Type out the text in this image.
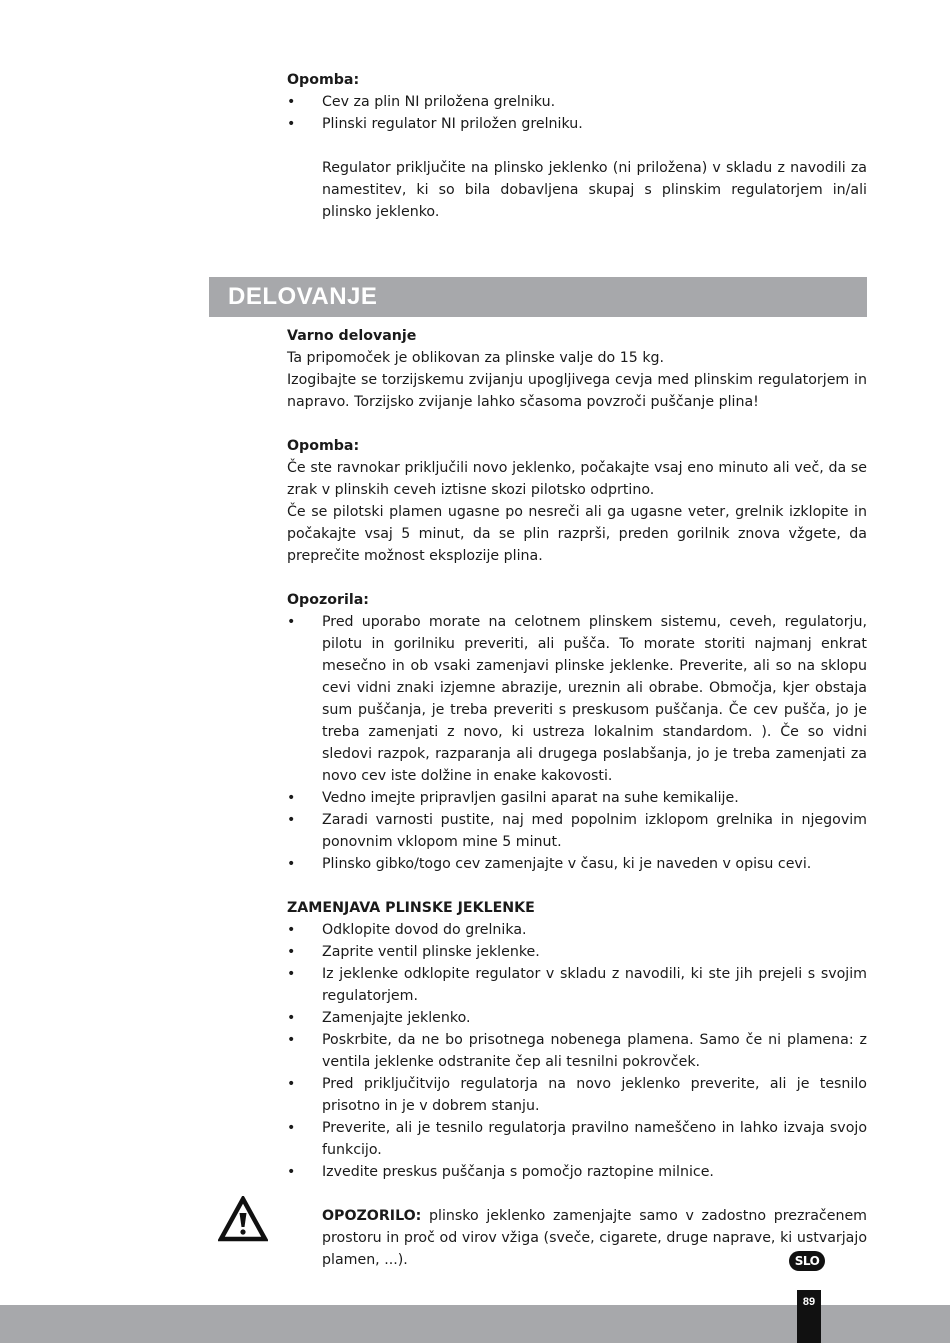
Opomba:
• Cev za plin NI priložena grelniku.
• Plinski regulator NI priložen grelniku.

Regulator priključite na plinsko jeklenko (ni priložena) v skladu z navodili za namestitev, ki so bila dobavljena skupaj s plinskim regulatorjem in/ali plinsko jeklenko.

DELOVANJE
Varno delovanje

Ta pripomoček je oblikovan za plinske valje do 15 kg.

Izogibajte se torzijskemu zvijanju upogljivega cevja med plinskim regulatorjem in napravo. Torzijsko zvijanje lahko sčasoma povzroči puščanje plina!

Opomba:

Če ste ravnokar priključili novo jeklenko, počakajte vsaj eno minuto ali več, da se zrak v plinskih ceveh iztisne skozi pilotsko odprtino.

Če se pilotski plamen ugasne po nesreči ali ga ugasne veter, grelnik izklopite in počakajte vsaj 5 minut, da se plin razprši, preden gorilnik znova vžgete, da preprečite možnost eksplozije plina.

Opozorila:
• Pred uporabo morate na celotnem plinskem sistemu, ceveh, regulatorju, pilotu in gorilniku preveriti, ali pušča. To morate storiti najmanj enkrat mesečno in ob vsaki zamenjavi plinske jeklenke. Preverite, ali so na sklopu cevi vidni znaki izjemne abrazije, ureznin ali obrabe. Območja, kjer obstaja sum puščanja, je treba preveriti s preskusom puščanja. Če cev pušča, jo je treba zamenjati z novo, ki ustreza lokalnim standardom. ). Če so vidni sledovi razpok, razparanja ali drugega poslabšanja, jo je treba zamenjati za novo cev iste dolžine in enake kakovosti.
• Vedno imejte pripravljen gasilni aparat na suhe kemikalije.
• Zaradi varnosti pustite, naj med popolnim izklopom grelnika in njegovim ponovnim vklopom mine 5 minut.
• Plinsko gibko/togo cev zamenjajte v času, ki je naveden v opisu cevi.
ZAMENJAVA PLINSKE JEKLENKE
• Odklopite dovod do grelnika.
• Zaprite ventil plinske jeklenke.
• Iz jeklenke odklopite regulator v skladu z navodili, ki ste jih prejeli s svojim regulatorjem.
• Zamenjajte jeklenko.
• Poskrbite, da ne bo prisotnega nobenega plamena. Samo če ni plamena: z ventila jeklenke odstranite čep ali tesnilni pokrovček.
• Pred priključitvijo regulatorja na novo jeklenko preverite, ali je tesnilo prisotno in je v dobrem stanju.
• Preverite, ali je tesnilo regulatorja pravilno nameščeno in lahko izvaja svojo funkcijo.
• Izvedite preskus puščanja s pomočjo raztopine milnice.

OPOZORILO: plinsko jeklenko zamenjajte samo v zadostno prezračenem prostoru in proč od virov vžiga (sveče, cigarete, druge naprave, ki ustvarjajo plamen, ...).	SLO
89
